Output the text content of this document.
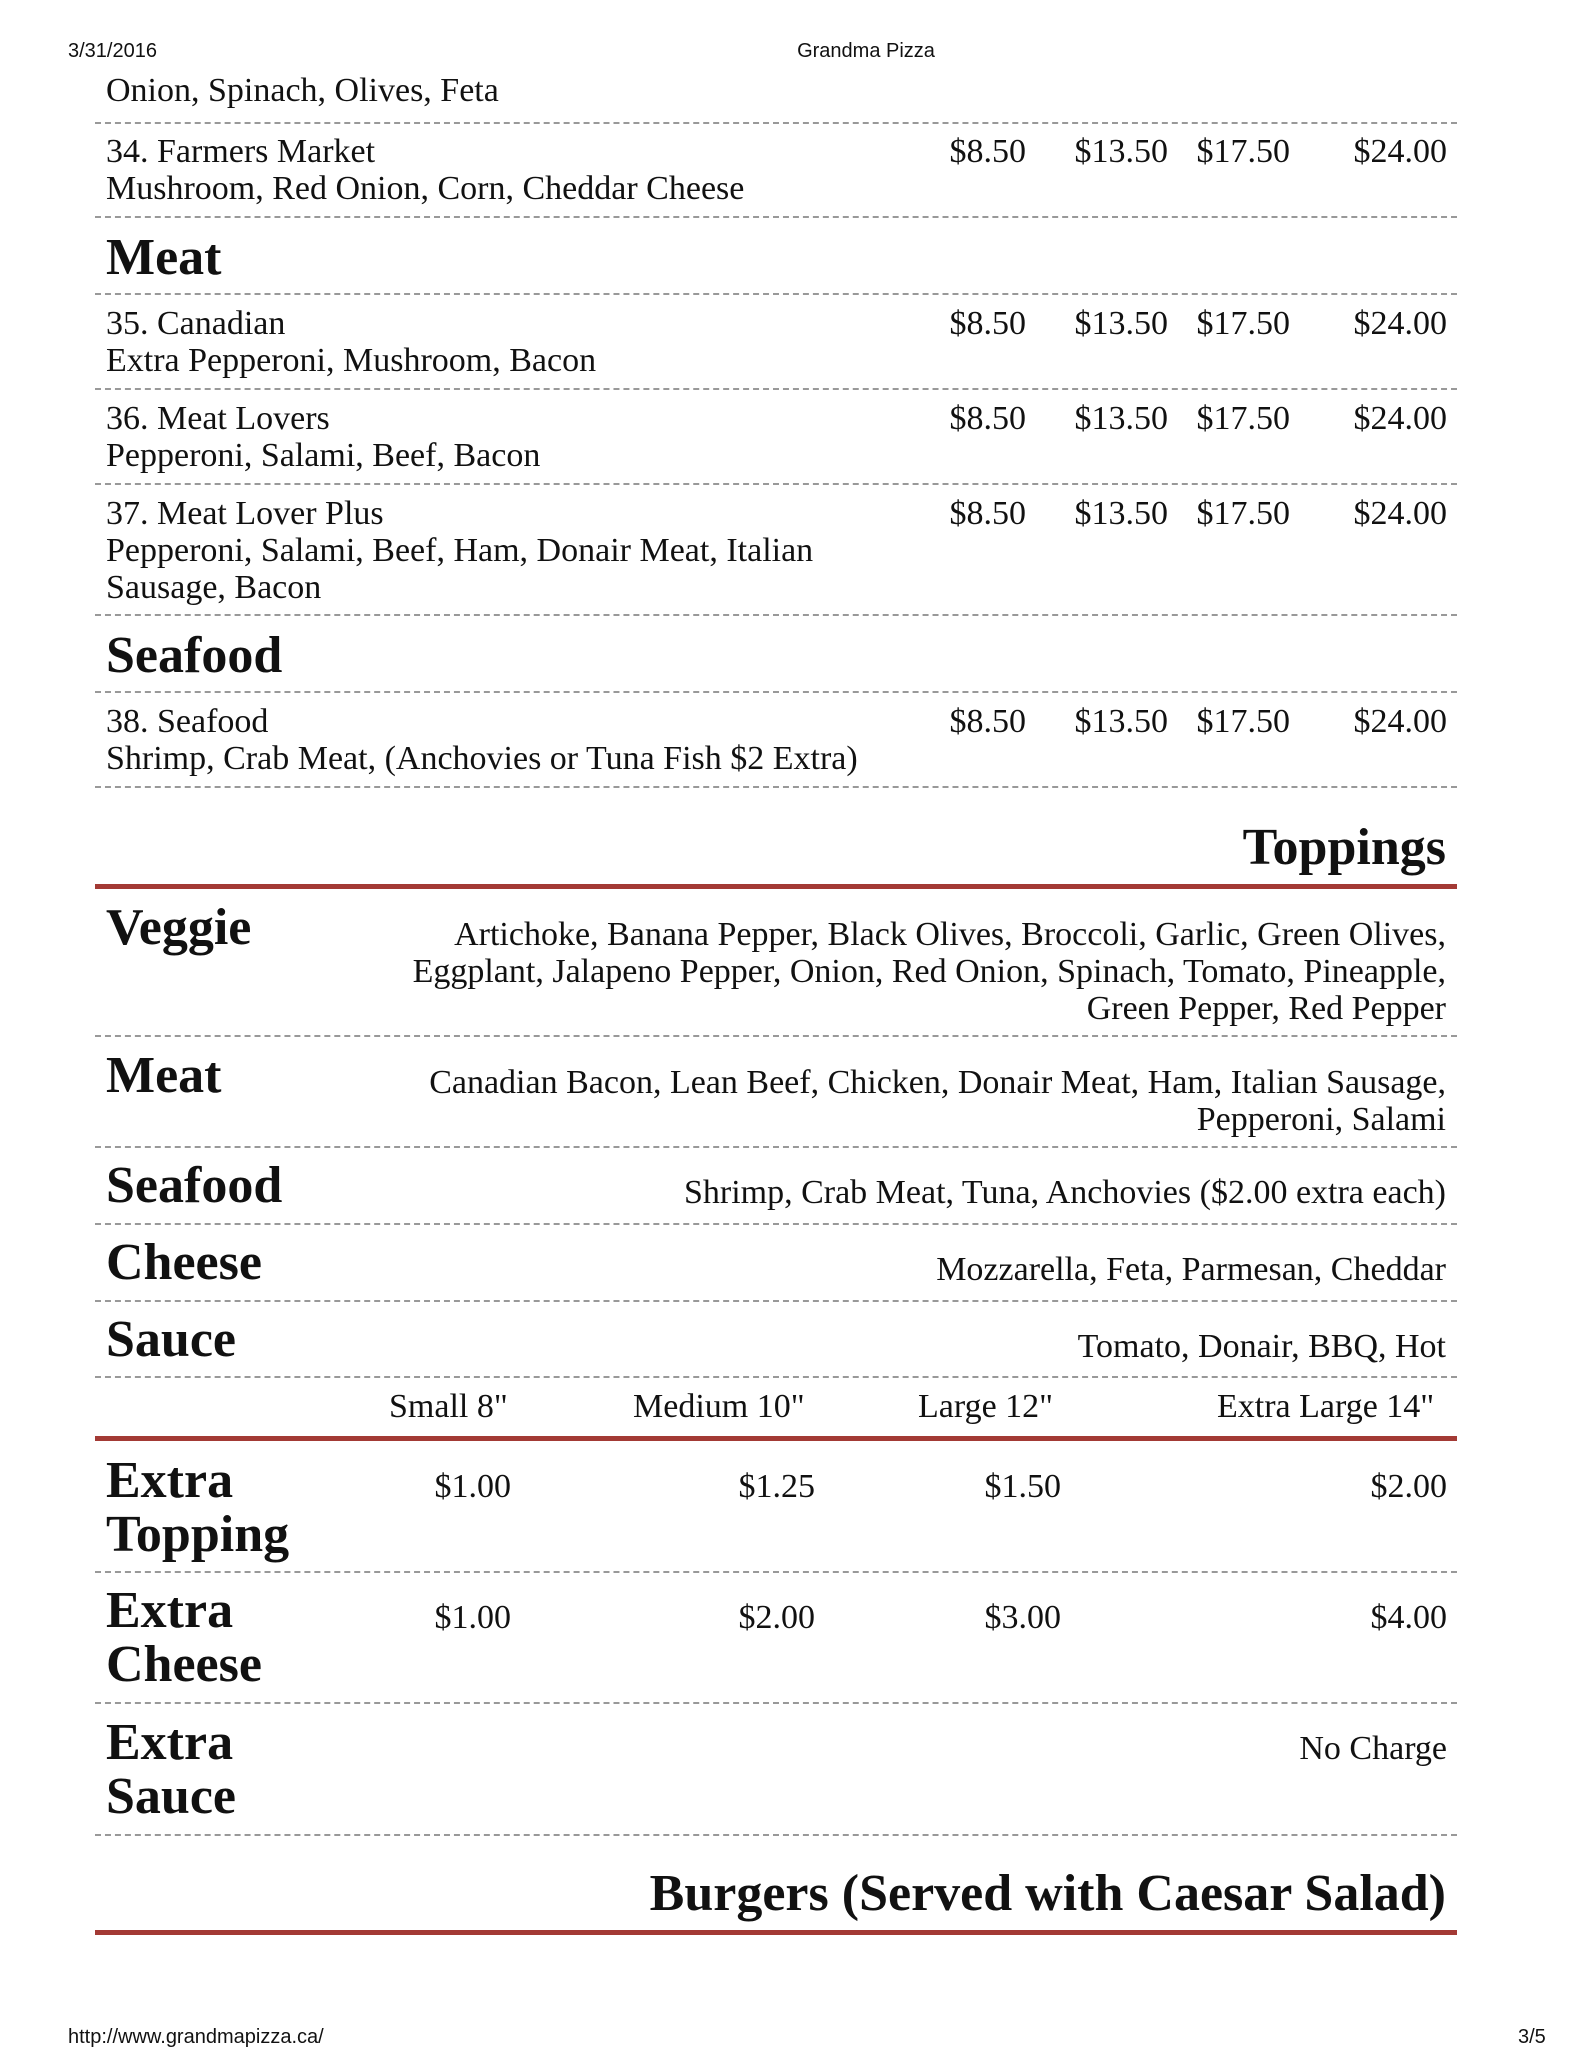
3/31/2016	Grandma Pizza
http://www.grandmapizza.ca/	3/5
Onion, Spinach, Olives, Feta
34. Farmers Market
Mushroom, Red Onion, Corn, Cheddar Cheese
$8.50	$13.50 $17.50	$24.00
Meat
35. Canadian
Extra Pepperoni, Mushroom, Bacon
$8.50	$13.50 $17.50	$24.00
36. Meat Lovers
Pepperoni, Salami, Beef, Bacon
$8.50	$13.50 $17.50	$24.00
37. Meat Lover Plus
Pepperoni, Salami, Beef, Ham, Donair Meat, Italian
Sausage, Bacon
$8.50	$13.50 $17.50	$24.00
Seafood
38. Seafood
Shrimp, Crab Meat, (Anchovies or Tuna Fish $2 Extra)
$8.50	$13.50 $17.50	$24.00
Toppings
Veggie	Artichoke, Banana Pepper, Black Olives, Broccoli, Garlic, Green Olives,
Eggplant, Jalapeno Pepper, Onion, Red Onion, Spinach, Tomato, Pineapple,
Green Pepper, Red Pepper
Meat	Canadian Bacon, Lean Beef, Chicken, Donair Meat, Ham, Italian Sausage,
Pepperoni, Salami
Seafood	Shrimp, Crab Meat, Tuna, Anchovies ($2.00 extra each)
Cheese	Mozzarella, Feta, Parmesan, Cheddar
Sauce	Tomato, Donair, BBQ, Hot
Small 8"	Medium 10"	Large 12"	Extra Large 14"
Extra
Topping
$1.00	$1.25	$1.50	$2.00
Extra
Cheese
$1.00	$2.00	$3.00	$4.00
Extra
Sauce
No Charge
Burgers (Served with Caesar Salad)
